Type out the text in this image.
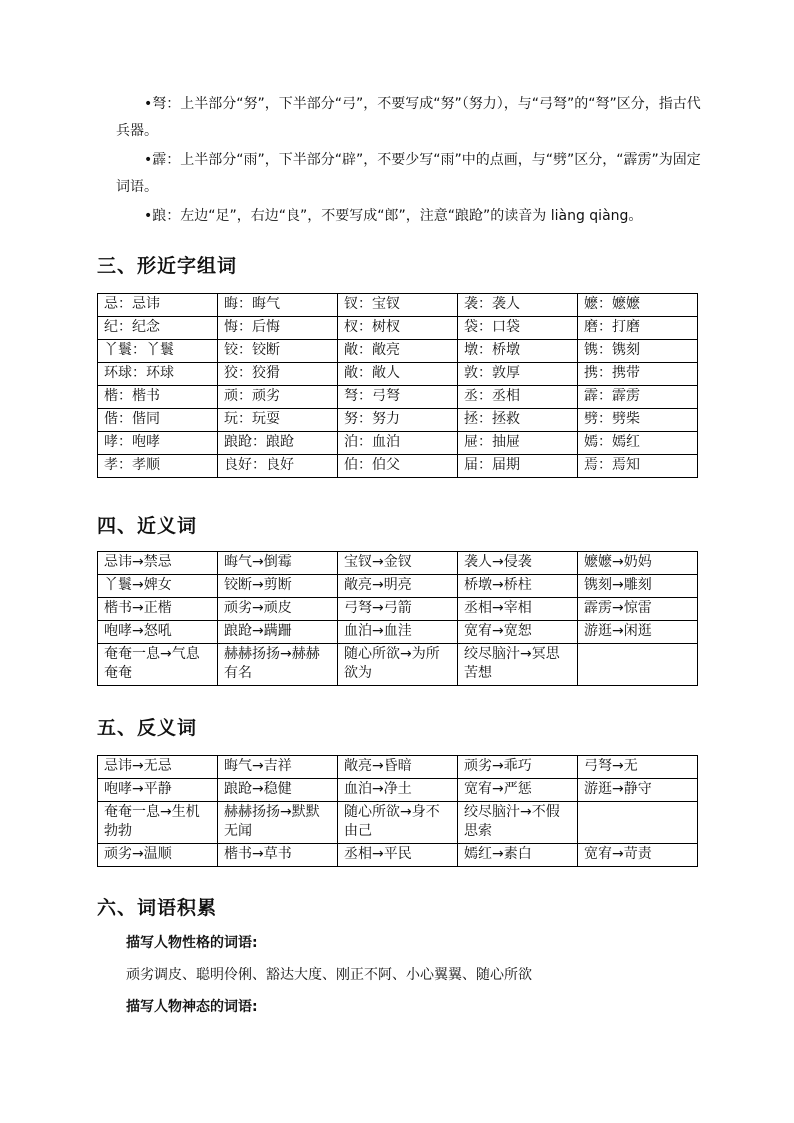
•弩：上半部分“努”，下半部分“弓”，不要写成“努”（努力），与“弓弩”的“弩”区分，指古代兵器。

•霹：上半部分“雨”，下半部分“辟”，不要少写“雨”中的点画，与“劈”区分，“霹雳”为固定词语。

•踉：左边“足”，右边“良”，不要写成“郎”，注意“踉跄”的读音为 liàng qiàng。

三、形近字组词
忌：忌讳	晦：晦气	钗：宝钗	袭：袭人	嬷：嬷嬷
纪：纪念	悔：后悔	杈：树杈	袋：口袋	磨：打磨
丫鬟：丫鬟	铰：铰断	敞：敞亮	墩：桥墩	镌：镌刻
环球：环球	狡：狡猾	敞：敞人	敦：敦厚	携：携带
楷：楷书	顽：顽劣	弩：弓弩	丞：丞相	霹：霹雳
偕：偕同	玩：玩耍	努：努力	拯：拯救	劈：劈柴
哮：咆哮	踉跄：踉跄	泊：血泊	屉：抽屉	嫣：嫣红
孝：孝顺	良好：良好	伯：伯父	届：届期	焉：焉知
四、近义词
忌讳→禁忌	晦气→倒霉	宝钗→金钗	袭人→侵袭	嬷嬷→奶妈
丫鬟→婢女	铰断→剪断	敞亮→明亮	桥墩→桥柱	镌刻→雕刻
楷书→正楷	顽劣→顽皮	弓弩→弓箭	丞相→宰相	霹雳→惊雷
咆哮→怒吼	踉跄→蹒跚	血泊→血洼	宽宥→宽恕	游逛→闲逛
奄奄一息→气息奄奄	赫赫扬扬→赫赫有名	随心所欲→为所欲为	绞尽脑汁→冥思苦想	
五、反义词
忌讳→无忌	晦气→吉祥	敞亮→昏暗	顽劣→乖巧	弓弩→无
咆哮→平静	踉跄→稳健	血泊→净土	宽宥→严惩	游逛→静守
奄奄一息→生机勃勃	赫赫扬扬→默默无闻	随心所欲→身不由己	绞尽脑汁→不假思索	
顽劣→温顺	楷书→草书	丞相→平民	嫣红→素白	宽宥→苛责
六、词语积累

描写人物性格的词语:

顽劣调皮、聪明伶俐、豁达大度、刚正不阿、小心翼翼、随心所欲

描写人物神态的词语:
